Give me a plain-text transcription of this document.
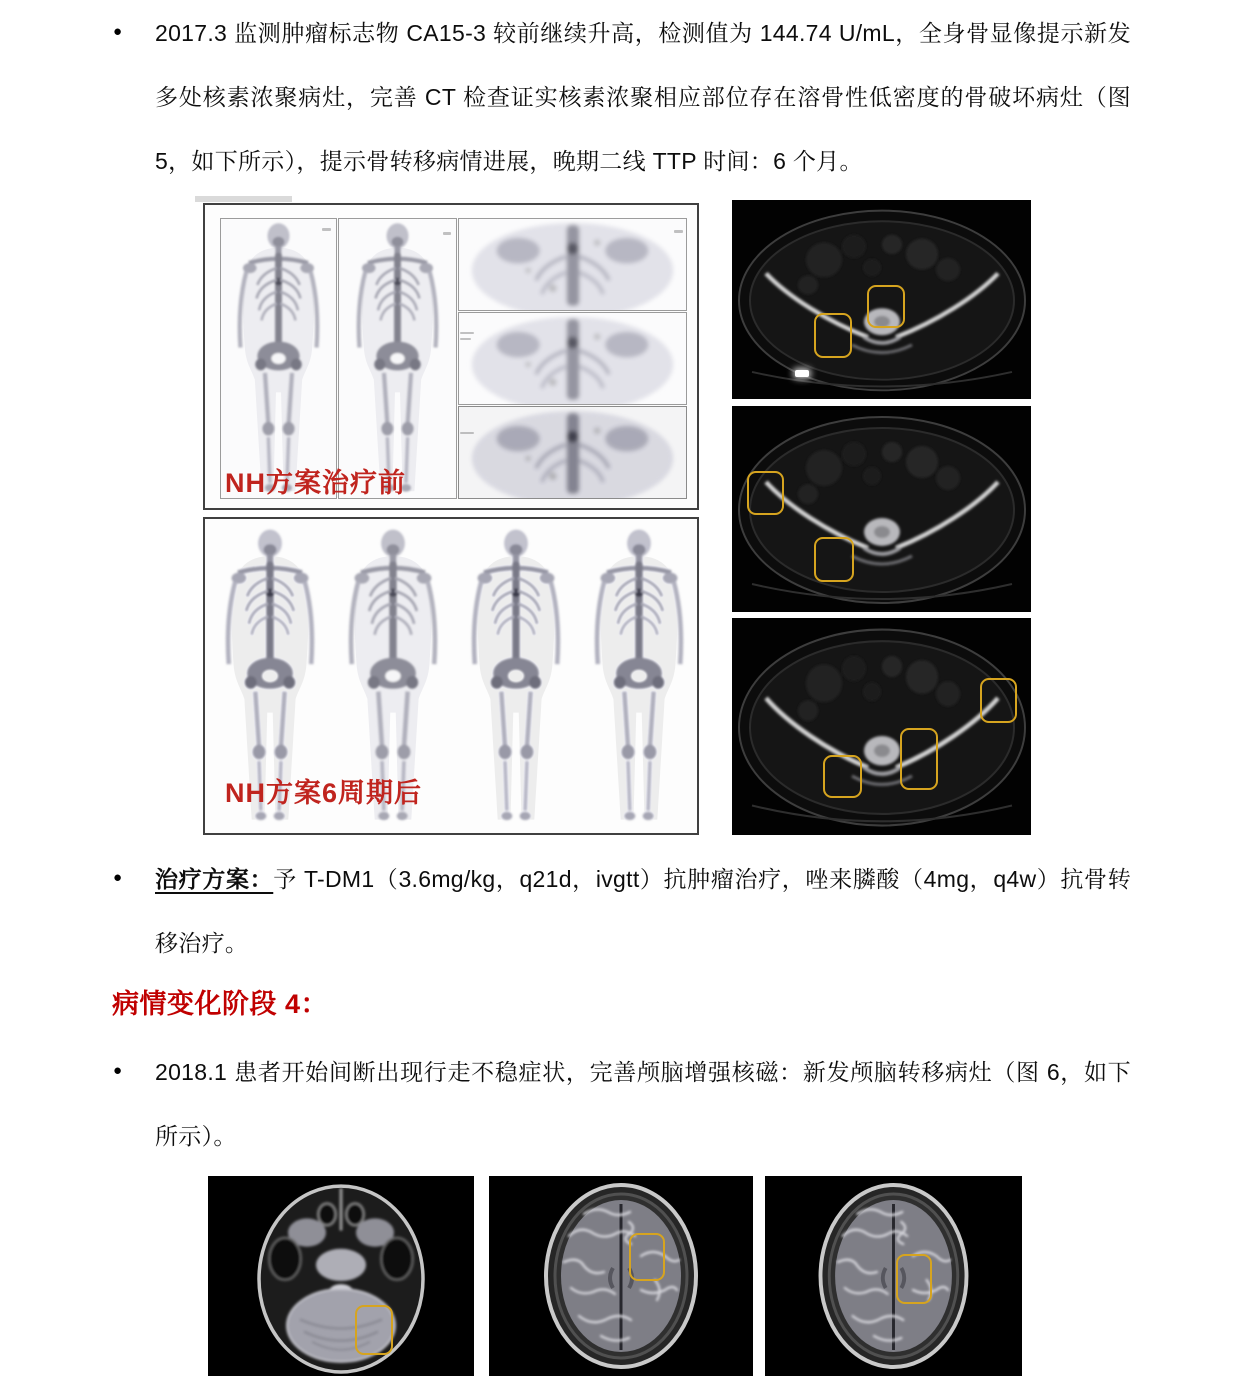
● 2017.3 监测肿瘤标志物 CA15-3 较前继续升高，检测值为 144.74 U/mL，全身骨显像提示新发多处核素浓聚病灶，完善 CT 检查证实核素浓聚相应部位存在溶骨性低密度的骨破坏病灶（图 5，如下所示），提示骨转移病情进展，晚期二线 TTP 时间：6 个月。
NH方案治疗前
NH方案6周期后
● 治疗方案：予 T-DM1（3.6mg/kg，q21d，ivgtt）抗肿瘤治疗，唑来膦酸（4mg，q4w）抗骨转移治疗。
病情变化阶段 4：
● 2018.1 患者开始间断出现行走不稳症状，完善颅脑增强核磁：新发颅脑转移病灶（图 6，如下所示）。
